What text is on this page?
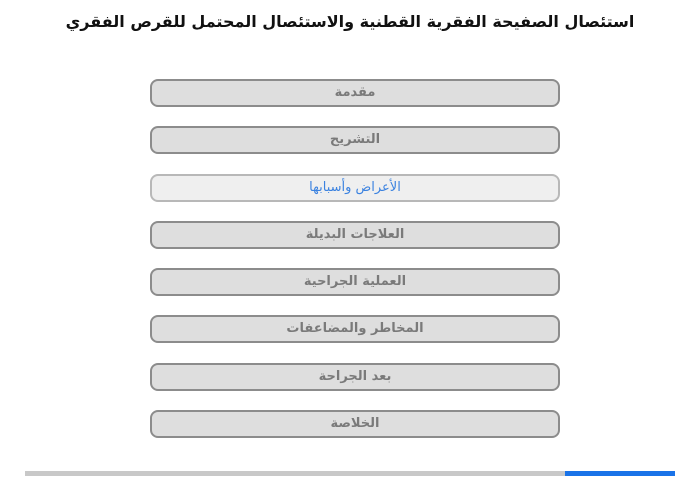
استئصال الصفيحة الفقرية القطنية والاستئصال المحتمل للقرص الفقري
مقدمة
التشريح
الأعراض وأسبابها
العلاجات البديلة
العملية الجراحية
المخاطر والمضاعفات
بعد الجراحة
الخلاصة
